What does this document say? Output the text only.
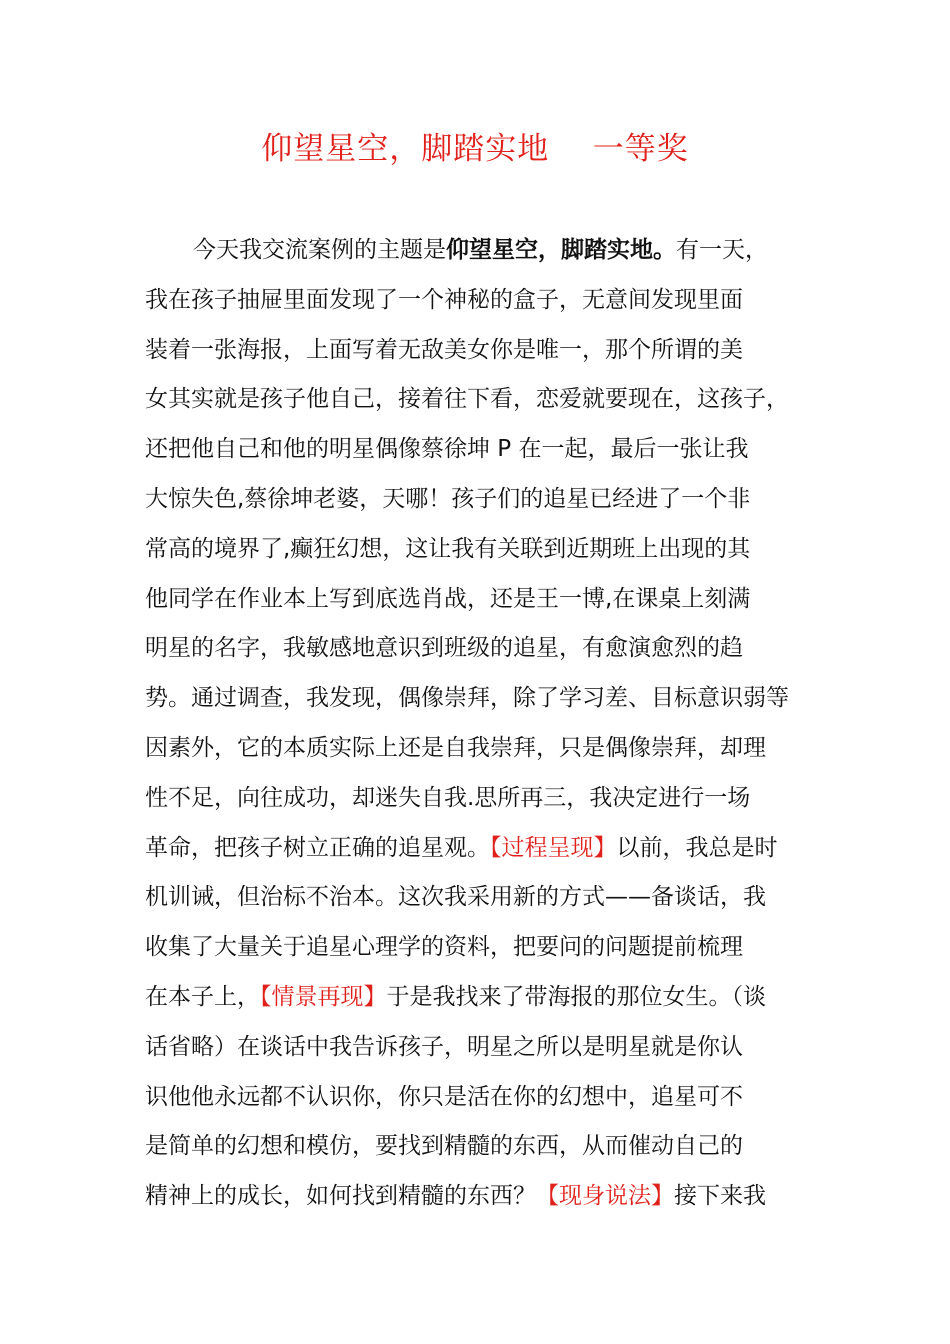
仰望星空，脚踏实地    一等奖
今天我交流案例的主题是仰望星空，脚踏实地。有一天，
我在孩子抽屉里面发现了一个神秘的盒子，无意间发现里面
装着一张海报，上面写着无敌美女你是唯一，那个所谓的美
女其实就是孩子他自己，接着往下看，恋爱就要现在，这孩子，
还把他自己和他的明星偶像蔡徐坤 P 在一起，最后一张让我
大惊失色,蔡徐坤老婆，天哪！孩子们的追星已经进了一个非
常高的境界了,癫狂幻想，这让我有关联到近期班上出现的其
他同学在作业本上写到底选肖战，还是王一博,在课桌上刻满
明星的名字，我敏感地意识到班级的追星，有愈演愈烈的趋
势。通过调查，我发现，偶像崇拜，除了学习差、目标意识弱等
因素外，它的本质实际上还是自我崇拜，只是偶像崇拜，却理
性不足，向往成功，却迷失自我.思所再三，我决定进行一场
革命，把孩子树立正确的追星观。【过程呈现】以前，我总是时
机训诫，但治标不治本。这次我采用新的方式——备谈话，我
收集了大量关于追星心理学的资料，把要问的问题提前梳理
在本子上，【情景再现】于是我找来了带海报的那位女生。（谈
话省略）在谈话中我告诉孩子，明星之所以是明星就是你认
识他他永远都不认识你，你只是活在你的幻想中，追星可不
是简单的幻想和模仿，要找到精髓的东西，从而催动自己的
精神上的成长，如何找到精髓的东西？【现身说法】接下来我
